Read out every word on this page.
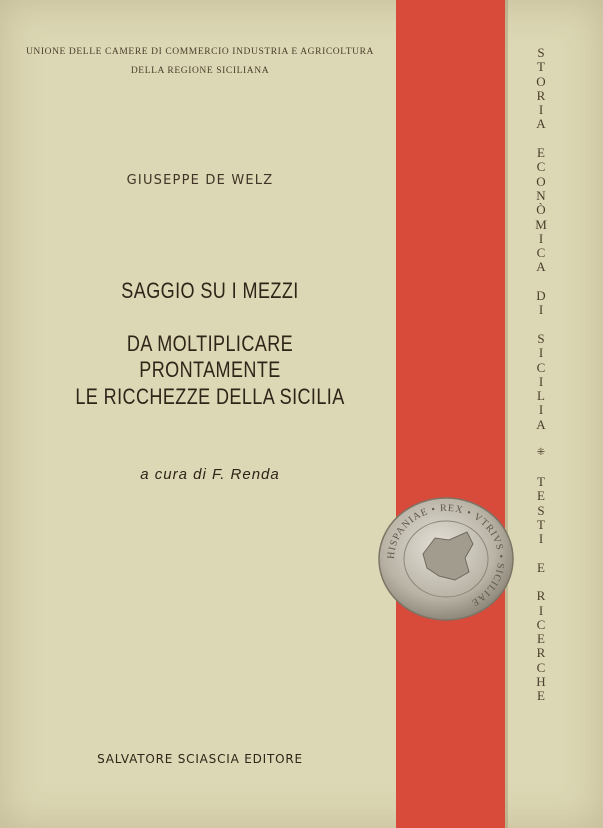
UNIONE DELLE CAMERE DI COMMERCIO INDUSTRIA E AGRICOLTURA
DELLA REGIONE SICILIANA
GIUSEPPE DE WELZ
SAGGIO SU I MEZZI
DA MOLTIPLICARE PRONTAMENTE
LE RICCHEZZE DELLA SICILIA
a cura di F. Renda
HISPANIAE • REX • VTRIVS • SICILIAE
SALVATORE SCIASCIA EDITORE
S
T
O
R
I
A
E
C
O
N
Ò
M
I
C
A
D
I
S
I
C
I
L
I
A
⁜
T
E
S
T
I
E
R
I
C
E
R
C
H
E
